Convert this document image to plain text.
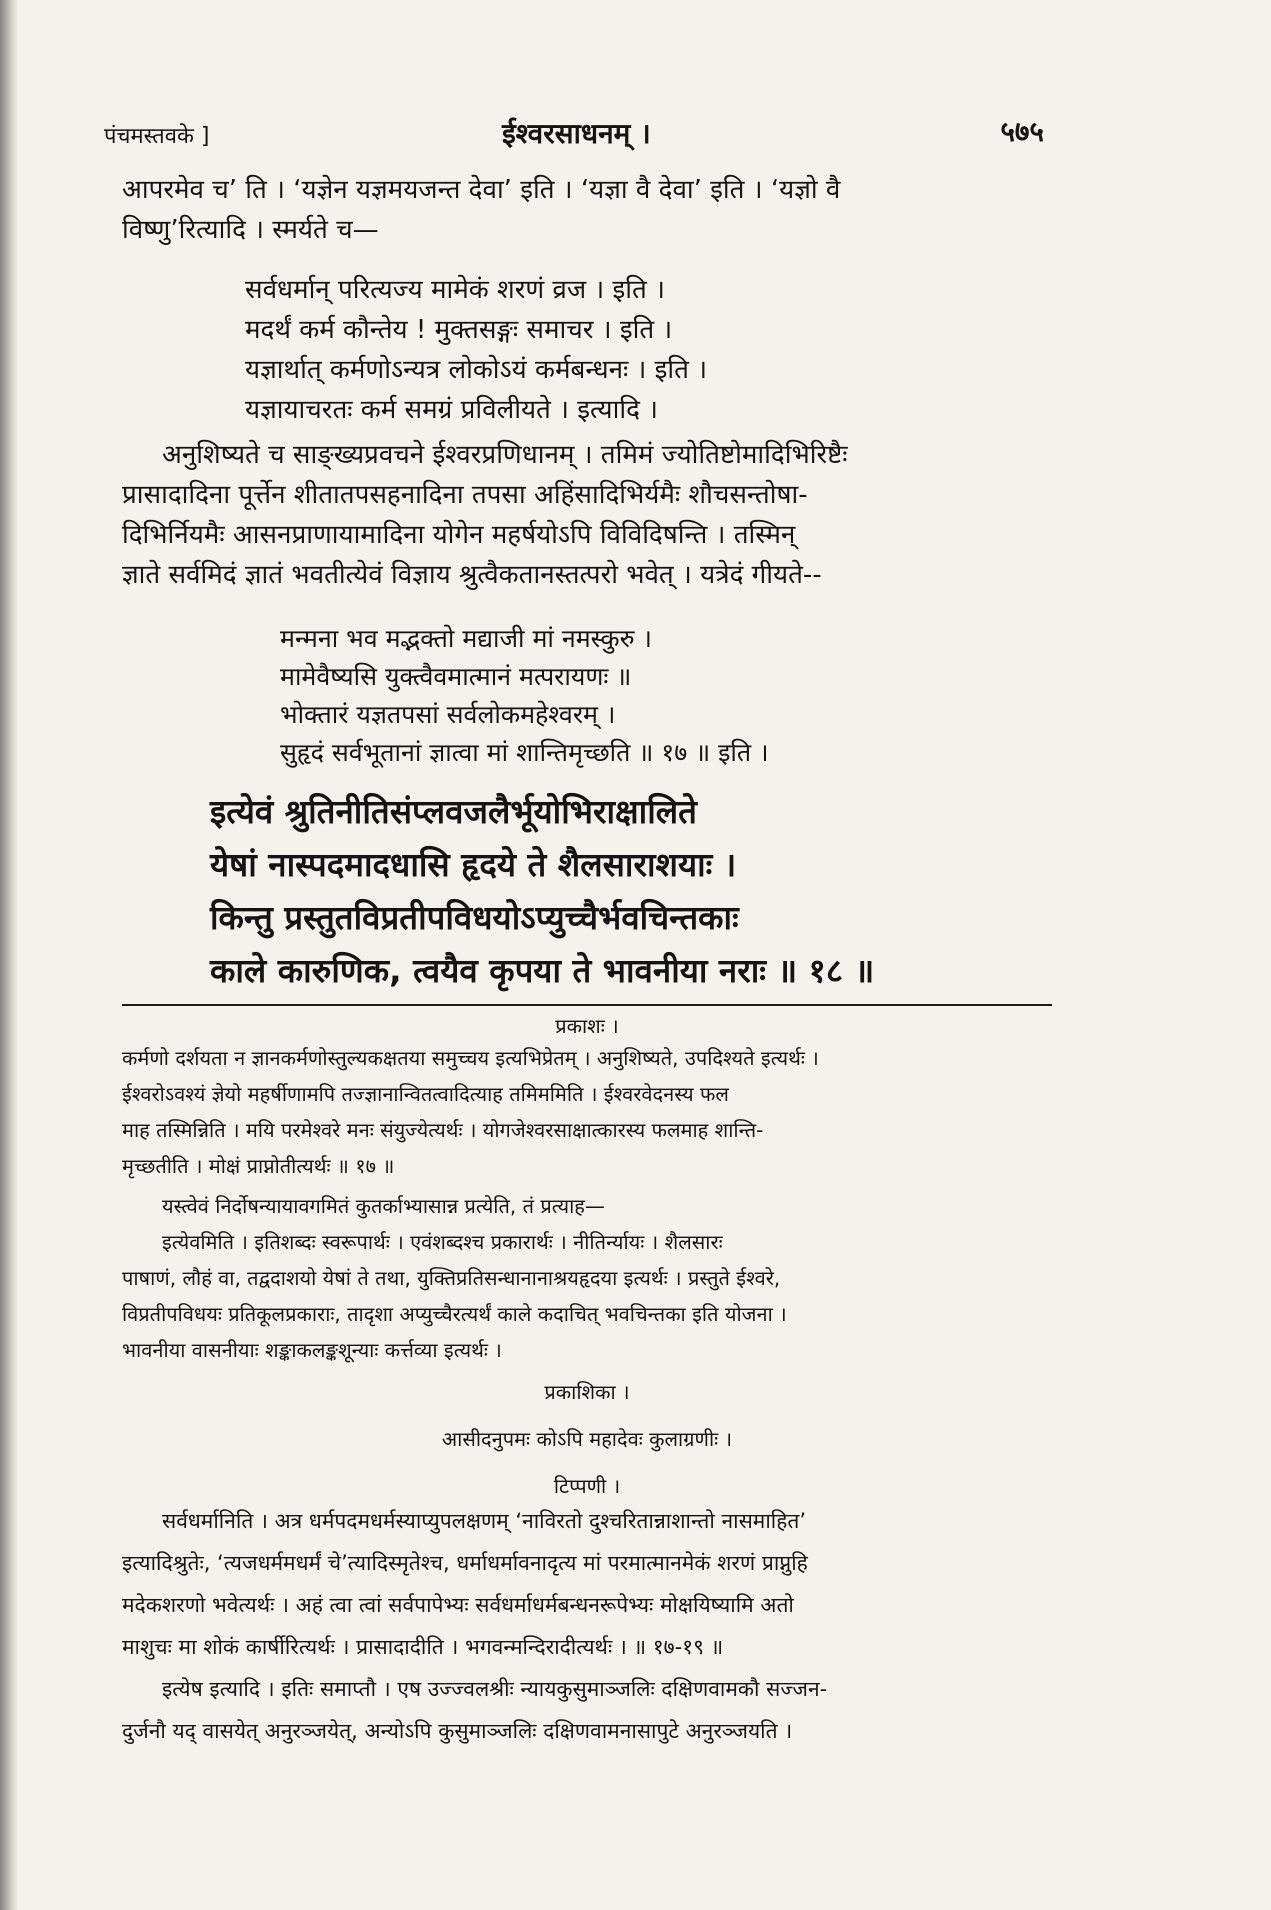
पंचमस्तवके ]	ईश्वरसाधनम् ।	५७५
आपरमेव च’ ति । ‘यज्ञेन यज्ञमयजन्त देवा’ इति । ‘यज्ञा वै देवा’ इति । ‘यज्ञो वै
विष्णु’रित्यादि । स्मर्यते च—
सर्वधर्मान् परित्यज्य मामेकं शरणं व्रज । इति ।
मदर्थं कर्म कौन्तेय ! मुक्तसङ्गः समाचर । इति ।
यज्ञार्थात् कर्मणोऽन्यत्र लोकोऽयं कर्मबन्धनः । इति ।
यज्ञायाचरतः कर्म समग्रं प्रविलीयते । इत्यादि ।
अनुशिष्यते च साङ्ख्यप्रवचने ईश्वरप्रणिधानम् । तमिमं ज्योतिष्टोमादिभिरिष्टैः
प्रासादादिना पूर्त्तेन शीतातपसहनादिना तपसा अहिंसादिभिर्यमैः शौचसन्तोषा-
दिभिर्नियमैः आसनप्राणायामादिना योगेन महर्षयोऽपि विविदिषन्ति । तस्मिन्
ज्ञाते सर्वमिदं ज्ञातं भवतीत्येवं विज्ञाय श्रुत्वैकतानस्तत्परो भवेत् । यत्रेदं गीयते--
मन्मना भव मद्भक्तो मद्याजी मां नमस्कुरु ।
मामेवैष्यसि युक्त्वैवमात्मानं मत्परायणः ॥
भोक्तारं यज्ञतपसां सर्वलोकमहेश्वरम् ।
सुहृदं सर्वभूतानां ज्ञात्वा मां शान्तिमृच्छति ॥ १७ ॥ इति ।
इत्येवं श्रुतिनीतिसंप्लवजलैर्भूयोभिराक्षालिते
येषां नास्पदमादधासि हृदये ते शैलसाराशयाः ।
किन्तु प्रस्तुतविप्रतीपविधयोऽप्युच्चैर्भवचिन्तकाः
काले कारुणिक, त्वयैव कृपया ते भावनीया नराः ॥ १८ ॥
प्रकाशः ।
कर्मणो दर्शयता न ज्ञानकर्मणोस्तुल्यकक्षतया समुच्चय इत्यभिप्रेतम् । अनुशिष्यते, उपदिश्यते इत्यर्थः ।
ईश्वरोऽवश्यं ज्ञेयो महर्षीणामपि तज्ज्ञानान्वितत्वादित्याह तमिममिति । ईश्वरवेदनस्य फल
माह तस्मिन्निति । मयि परमेश्वरे मनः संयुज्येत्यर्थः । योगजेश्वरसाक्षात्कारस्य फलमाह शान्ति-
मृच्छतीति । मोक्षं प्राप्नोतीत्यर्थः ॥ १७ ॥
यस्त्वेवं निर्दोषन्यायावगमितं कुतर्काभ्यासान्न प्रत्येति, तं प्रत्याह—
इत्येवमिति । इतिशब्दः स्वरूपार्थः । एवंशब्दश्च प्रकारार्थः । नीतिर्न्यायः । शैलसारः
पाषाणं, लौहं वा, तद्वदाशयो येषां ते तथा, युक्तिप्रतिसन्धानानाश्रयहृदया इत्यर्थः । प्रस्तुते ईश्वरे,
विप्रतीपविधयः प्रतिकूलप्रकाराः, तादृशा अप्युच्चैरत्यर्थं काले कदाचित् भवचिन्तका इति योजना ।
भावनीया वासनीयाः शङ्काकलङ्कशून्याः कर्त्तव्या इत्यर्थः ।
प्रकाशिका ।
आसीदनुपमः कोऽपि महादेवः कुलाग्रणीः ।
टिप्पणी ।
सर्वधर्मानिति । अत्र धर्मपदमधर्मस्याप्युपलक्षणम् ‘नाविरतो दुश्चरितान्नाशान्तो नासमाहित’
इत्यादिश्रुतेः, ‘त्यजधर्ममधर्मं चे’त्यादिस्मृतेश्च, धर्माधर्मावनादृत्य मां परमात्मानमेकं शरणं प्राप्नुहि
मदेकशरणो भवेत्यर्थः । अहं त्वा त्वां सर्वपापेभ्यः सर्वधर्माधर्मबन्धनरूपेभ्यः मोक्षयिष्यामि अतो
माशुचः मा शोकं कार्षीरित्यर्थः । प्रासादादीति । भगवन्मन्दिरादीत्यर्थः । ॥ १७-१९ ॥
इत्येष इत्यादि । इतिः समाप्तौ । एष उज्ज्वलश्रीः न्यायकुसुमाञ्जलिः दक्षिणवामकौ सज्जन-
दुर्जनौ यद् वासयेत् अनुरञ्जयेत्, अन्योऽपि कुसुमाञ्जलिः दक्षिणवामनासापुटे अनुरञ्जयति ।
